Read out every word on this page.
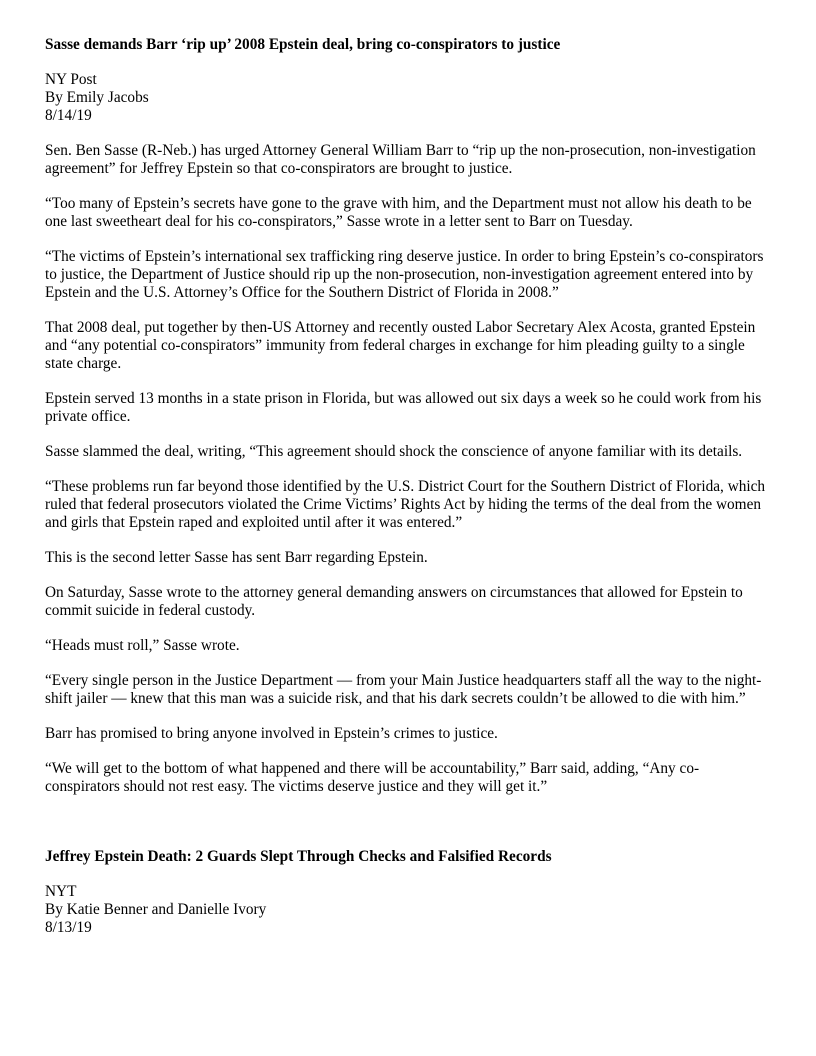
Sasse demands Barr ‘rip up’ 2008 Epstein deal, bring co-conspirators to justice
NY Post
By Emily Jacobs
8/14/19

Sen. Ben Sasse (R-Neb.) has urged Attorney General William Barr to “rip up the non-prosecution, non-investigation agreement” for Jeffrey Epstein so that co-conspirators are brought to justice.

“Too many of Epstein’s secrets have gone to the grave with him, and the Department must not allow his death to be one last sweetheart deal for his co-conspirators,” Sasse wrote in a letter sent to Barr on Tuesday.

“The victims of Epstein’s international sex trafficking ring deserve justice. In order to bring Epstein’s co-conspirators to justice, the Department of Justice should rip up the non-prosecution, non-investigation agreement entered into by Epstein and the U.S. Attorney’s Office for the Southern District of Florida in 2008.”

That 2008 deal, put together by then-US Attorney and recently ousted Labor Secretary Alex Acosta, granted Epstein and “any potential co-conspirators” immunity from federal charges in exchange for him pleading guilty to a single state charge.

Epstein served 13 months in a state prison in Florida, but was allowed out six days a week so he could work from his private office.

Sasse slammed the deal, writing, “This agreement should shock the conscience of anyone familiar with its details.

“These problems run far beyond those identified by the U.S. District Court for the Southern District of Florida, which ruled that federal prosecutors violated the Crime Victims’ Rights Act by hiding the terms of the deal from the women and girls that Epstein raped and exploited until after it was entered.”

This is the second letter Sasse has sent Barr regarding Epstein.

On Saturday, Sasse wrote to the attorney general demanding answers on circumstances that allowed for Epstein to commit suicide in federal custody.

“Heads must roll,” Sasse wrote.

“Every single person in the Justice Department — from your Main Justice headquarters staff all the way to the night-shift jailer — knew that this man was a suicide risk, and that his dark secrets couldn’t be allowed to die with him.”

Barr has promised to bring anyone involved in Epstein’s crimes to justice.

“We will get to the bottom of what happened and there will be accountability,” Barr said, adding, “Any co-conspirators should not rest easy. The victims deserve justice and they will get it.”

Jeffrey Epstein Death: 2 Guards Slept Through Checks and Falsified Records
NYT
By Katie Benner and Danielle Ivory
8/13/19
